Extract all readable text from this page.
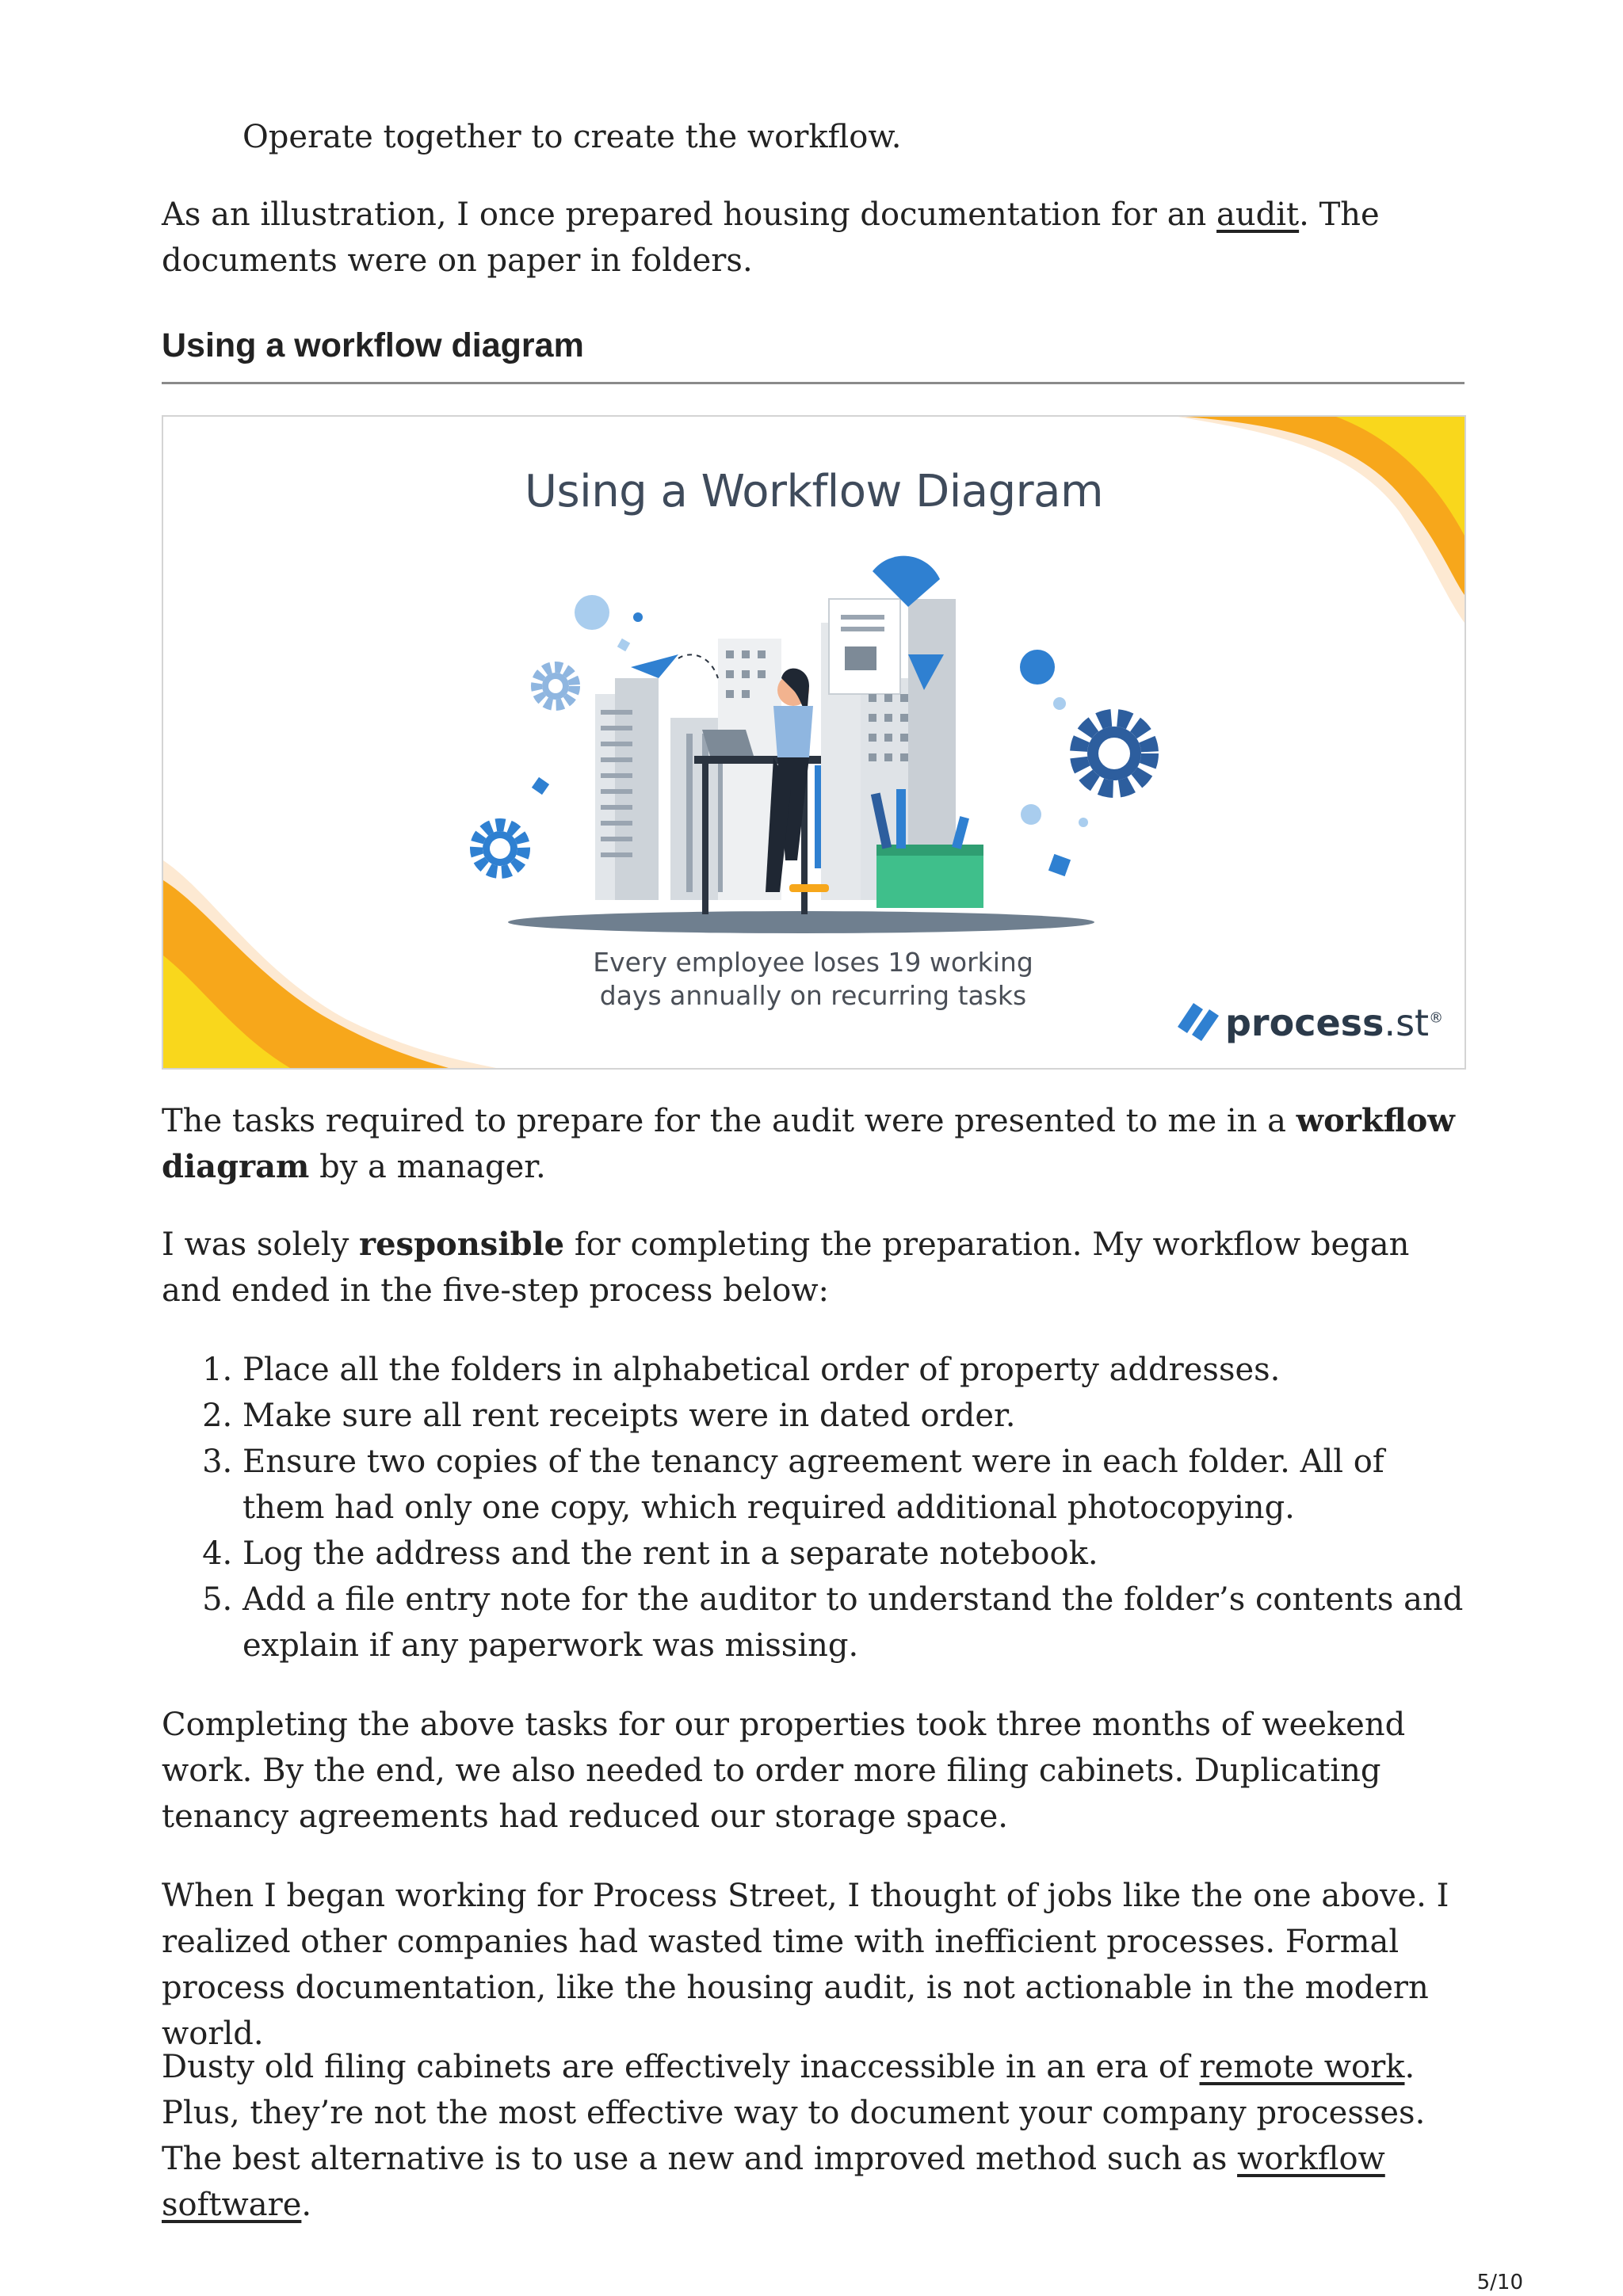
Operate together to create the workflow.

As an illustration, I once prepared housing documentation for an audit. The documents were on paper in folders.

Using a workflow diagram
Using a Workflow Diagram
Every employee loses 19 working
days annually on recurring tasks
process.st®

The tasks required to prepare for the audit were presented to me in a workflow diagram by a manager.

I was solely responsible for completing the preparation. My workflow began and ended in the five-step process below:

1. Place all the folders in alphabetical order of property addresses.
2. Make sure all rent receipts were in dated order.
3. Ensure two copies of the tenancy agreement were in each folder. All of them had only one copy, which required additional photocopying.
4. Log the address and the rent in a separate notebook.
5. Add a file entry note for the auditor to understand the folder’s contents and explain if any paperwork was missing.

Completing the above tasks for our properties took three months of weekend work. By the end, we also needed to order more filing cabinets. Duplicating tenancy agreements had reduced our storage space.

When I began working for Process Street, I thought of jobs like the one above. I realized other companies had wasted time with inefficient processes. Formal process documentation, like the housing audit, is not actionable in the modern world.

Dusty old filing cabinets are effectively inaccessible in an era of remote work. Plus, they’re not the most effective way to document your company processes. The best alternative is to use a new and improved method such as workflow software.

5/10
